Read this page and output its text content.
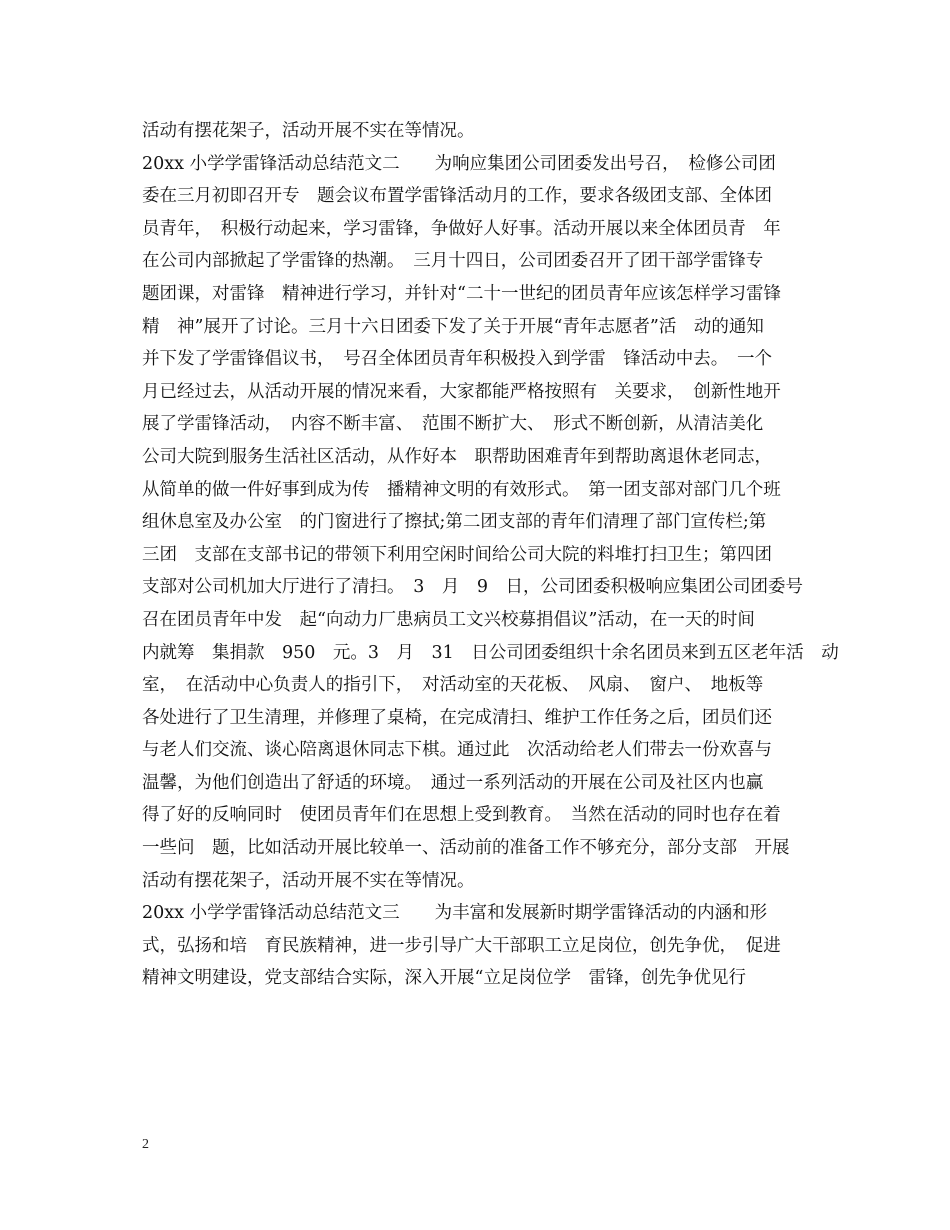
活动有摆花架子，活动开展不实在等情况。
20xx 小学学雷锋活动总结范文二　　为响应集团公司团委发出号召，　检修公司团
委在三月初即召开专　题会议布置学雷锋活动月的工作，要求各级团支部、全体团
员青年，　积极行动起来，学习雷锋，争做好人好事。活动开展以来全体团员青　年
在公司内部掀起了学雷锋的热潮。　三月十四日，公司团委召开了团干部学雷锋专
题团课，对雷锋　精神进行学习，并针对“二十一世纪的团员青年应该怎样学习雷锋
精　神”展开了讨论。三月十六日团委下发了关于开展“青年志愿者”活　动的通知
并下发了学雷锋倡议书，　号召全体团员青年积极投入到学雷　锋活动中去。　一个
月已经过去，从活动开展的情况来看，大家都能严格按照有　关要求，　创新性地开
展了学雷锋活动，　内容不断丰富、　范围不断扩大、　形式不断创新，从清洁美化
公司大院到服务生活社区活动，从作好本　职帮助困难青年到帮助离退休老同志，
从简单的做一件好事到成为传　播精神文明的有效形式。　第一团支部对部门几个班
组休息室及办公室　的门窗进行了擦拭;第二团支部的青年们清理了部门宣传栏;第
三团　支部在支部书记的带领下利用空闲时间给公司大院的料堆打扫卫生；第四团
支部对公司机加大厅进行了清扫。　3　月　9　日，公司团委积极响应集团公司团委号
召在团员青年中发　起“向动力厂患病员工文兴校募捐倡议”活动，在一天的时间
内就筹　集捐款　950　元。3　月　31　日公司团委组织十余名团员来到五区老年活　动
室，　在活动中心负责人的指引下，　对活动室的天花板、　风扇、　窗户、　地板等
各处进行了卫生清理，并修理了桌椅，在完成清扫、维护工作任务之后，团员们还
与老人们交流、谈心陪离退休同志下棋。通过此　次活动给老人们带去一份欢喜与
温馨，为他们创造出了舒适的环境。　通过一系列活动的开展在公司及社区内也赢
得了好的反响同时　使团员青年们在思想上受到教育。　当然在活动的同时也存在着
一些问　题，比如活动开展比较单一、活动前的准备工作不够充分，部分支部　开展
活动有摆花架子，活动开展不实在等情况。
20xx 小学学雷锋活动总结范文三　　为丰富和发展新时期学雷锋活动的内涵和形
式，弘扬和培　育民族精神，进一步引导广大干部职工立足岗位，创先争优，　促进
精神文明建设，党支部结合实际，深入开展“立足岗位学　雷锋，创先争优见行
2
